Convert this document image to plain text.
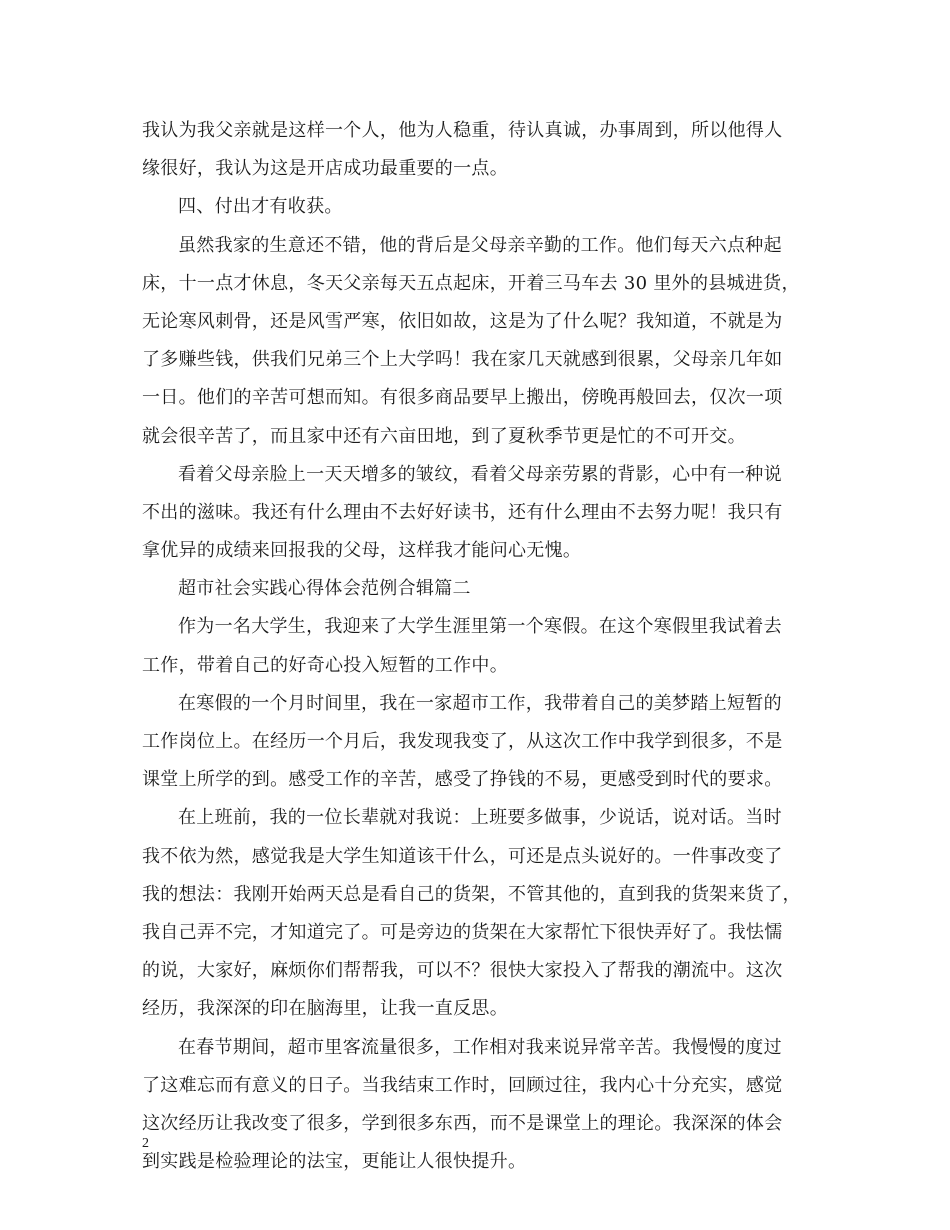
我认为我父亲就是这样一个人，他为人稳重，待认真诚，办事周到，所以他得人
缘很好，我认为这是开店成功最重要的一点。
四、付出才有收获。
虽然我家的生意还不错，他的背后是父母亲辛勤的工作。他们每天六点种起
床，十一点才休息，冬天父亲每天五点起床，开着三马车去 30 里外的县城进货，
无论寒风刺骨，还是风雪严寒，依旧如故，这是为了什么呢？我知道，不就是为
了多赚些钱，供我们兄弟三个上大学吗！我在家几天就感到很累，父母亲几年如
一日。他们的辛苦可想而知。有很多商品要早上搬出，傍晚再般回去，仅次一项
就会很辛苦了，而且家中还有六亩田地，到了夏秋季节更是忙的不可开交。
看着父母亲脸上一天天增多的皱纹，看着父母亲劳累的背影，心中有一种说
不出的滋味。我还有什么理由不去好好读书，还有什么理由不去努力呢！我只有
拿优异的成绩来回报我的父母，这样我才能问心无愧。
超市社会实践心得体会范例合辑篇二
作为一名大学生，我迎来了大学生涯里第一个寒假。在这个寒假里我试着去
工作，带着自己的好奇心投入短暂的工作中。
在寒假的一个月时间里，我在一家超市工作，我带着自己的美梦踏上短暂的
工作岗位上。在经历一个月后，我发现我变了，从这次工作中我学到很多，不是
课堂上所学的到。感受工作的辛苦，感受了挣钱的不易，更感受到时代的要求。
在上班前，我的一位长辈就对我说：上班要多做事，少说话，说对话。当时
我不依为然，感觉我是大学生知道该干什么，可还是点头说好的。一件事改变了
我的想法：我刚开始两天总是看自己的货架，不管其他的，直到我的货架来货了，
我自己弄不完，才知道完了。可是旁边的货架在大家帮忙下很快弄好了。我怯懦
的说，大家好，麻烦你们帮帮我，可以不？很快大家投入了帮我的潮流中。这次
经历，我深深的印在脑海里，让我一直反思。
在春节期间，超市里客流量很多，工作相对我来说异常辛苦。我慢慢的度过
了这难忘而有意义的日子。当我结束工作时，回顾过往，我内心十分充实，感觉
这次经历让我改变了很多，学到很多东西，而不是课堂上的理论。我深深的体会
到实践是检验理论的法宝，更能让人很快提升。
2
